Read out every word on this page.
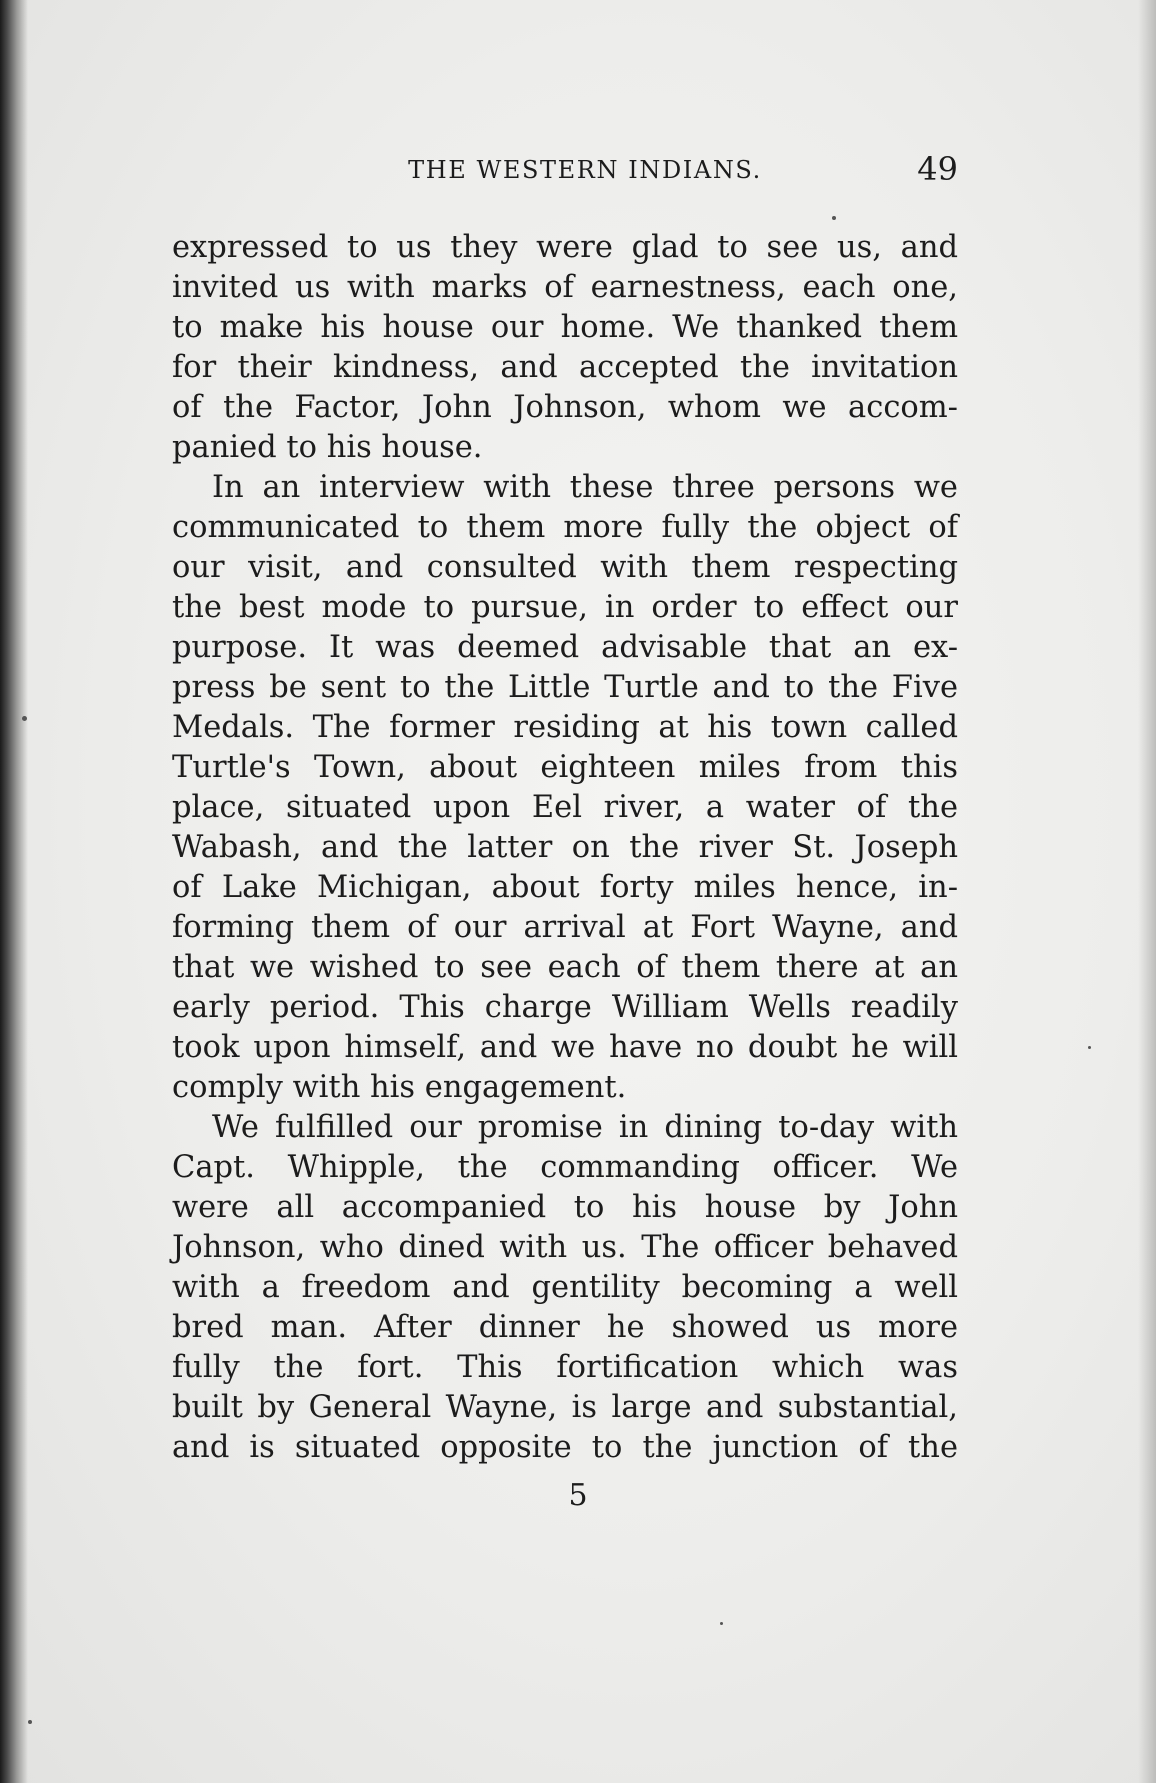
THE WESTERN INDIANS.	49
expressed to us they were glad to see us, and
invited us with marks of earnestness, each one,
to make his house our home. We thanked them
for their kindness, and accepted the invitation
of the Factor, John Johnson, whom we accom-
panied to his house.
In an interview with these three persons we
communicated to them more fully the object of
our visit, and consulted with them respecting
the best mode to pursue, in order to effect our
purpose. It was deemed advisable that an ex-
press be sent to the Little Turtle and to the Five
Medals. The former residing at his town called
Turtle's Town, about eighteen miles from this
place, situated upon Eel river, a water of the
Wabash, and the latter on the river St. Joseph
of Lake Michigan, about forty miles hence, in-
forming them of our arrival at Fort Wayne, and
that we wished to see each of them there at an
early period. This charge William Wells readily
took upon himself, and we have no doubt he will
comply with his engagement.
We fulfilled our promise in dining to-day with
Capt. Whipple, the commanding officer. We
were all accompanied to his house by John
Johnson, who dined with us. The officer behaved
with a freedom and gentility becoming a well
bred man. After dinner he showed us more
fully the fort. This fortification which was
built by General Wayne, is large and substantial,
and is situated opposite to the junction of the
5
